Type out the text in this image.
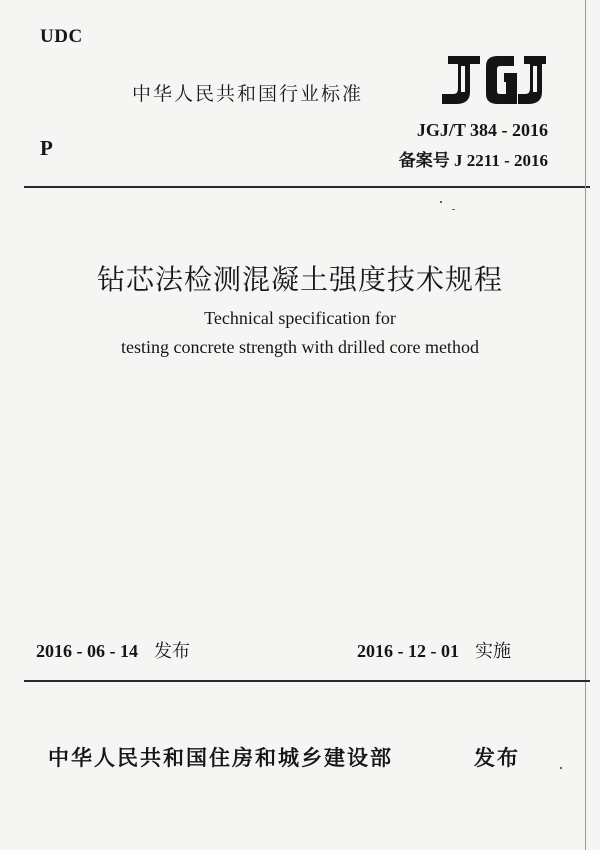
UDC
中华人民共和国行业标准
P
JGJ/T 384 - 2016
备案号 J 2211 - 2016
钻芯法检测混凝土强度技术规程
Technical specification for
testing concrete strength with drilled core method
2016 - 06 - 14 发布	2016 - 12 - 01 实施
中华人民共和国住房和城乡建设部	发布
